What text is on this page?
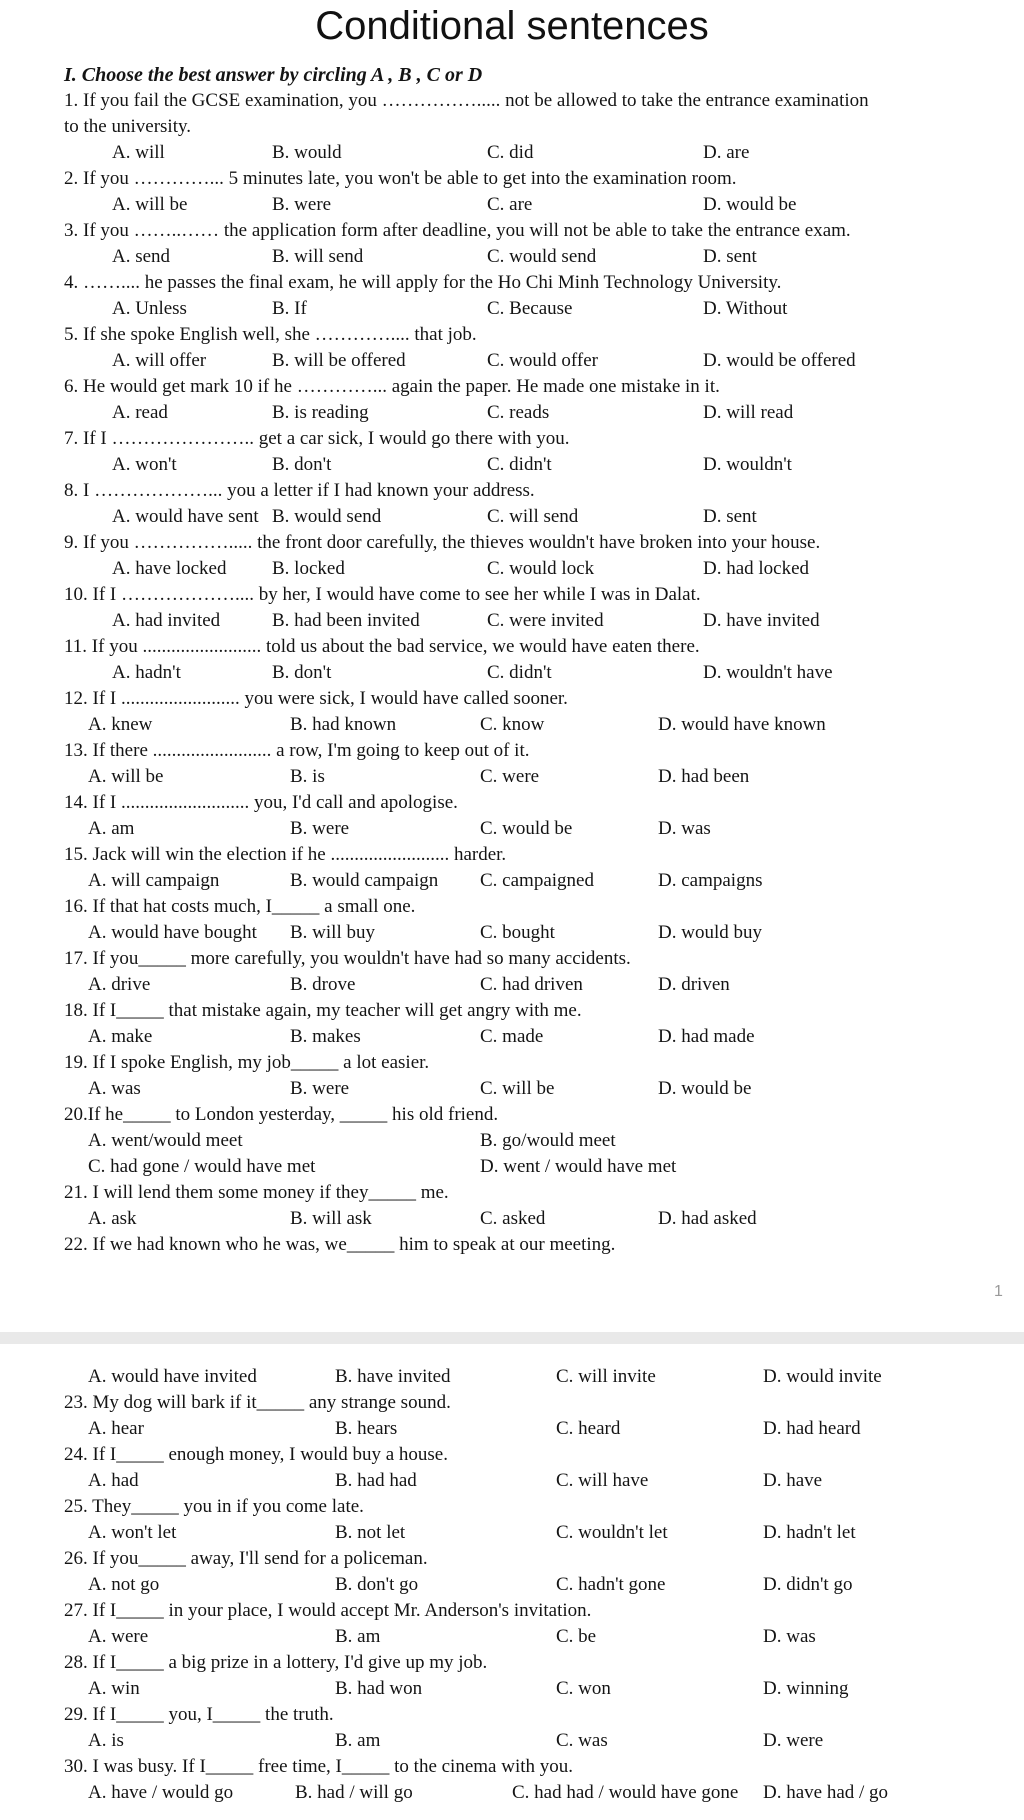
Conditional sentences
I. Choose the best answer by circling A , B , C or D
1. If you fail the GCSE examination, you ……………..... not be allowed to take the entrance examination
to the university.
A. will	B. would	C. did	D. are
2. If you …………... 5 minutes late, you won't be able to get into the examination room.
A. will be	B. were	C. are	D. would be
3. If you ……..…… the application form after deadline, you will not be able to take the entrance exam.
A. send	B. will send	C. would send	D. sent
4. …….... he passes the final exam, he will apply for the Ho Chi Minh Technology University.
A. Unless	B. If	C. Because	D. Without
5. If she spoke English well, she ………….... that job.
A. will offer	B. will be offered	C. would offer	D. would be offered
6. He would get mark 10 if he …………... again the paper. He made one mistake in it.
A. read	B. is reading	C. reads	D. will read
7. If I ………………….. get a car sick, I would go there with you.
A. won't	B. don't	C. didn't	D. wouldn't
8. I ………………... you a letter if I had known your address.
A. would have sent B. would send	C. will send	D. sent
9. If you ……………..... the front door carefully, the thieves wouldn't have broken into your house.
A. have locked B. locked	C. would lock	D. had locked
10. If I ……………….... by her, I would have come to see her while I was in Dalat.
A. had invited	B. had been invited	C. were invited	D. have invited
11. If you ......................... told us about the bad service, we would have eaten there.
A. hadn't	B. don't	C. didn't	D. wouldn't have
12. If I ......................... you were sick, I would have called sooner.
A. knew	B. had known	C. know	D. would have known
13. If there ......................... a row, I'm going to keep out of it.
A. will be	B. is	C. were	D. had been
14. If I ........................... you, I'd call and apologise.
A. am	B. were	C. would be	D. was
15. Jack will win the election if he ......................... harder.
A. will campaign	B. would campaign C. campaigned	D. campaigns
16. If that hat costs much, I_____ a small one.
A. would have bought B. will buy	C. bought	D. would buy
17. If you_____ more carefully, you wouldn't have had so many accidents.
A. drive	B. drove	C. had driven	D. driven
18. If I_____ that mistake again, my teacher will get angry with me.
A. make	B. makes	C. made	D. had made
19. If I spoke English, my job_____ a lot easier.
A. was	B. were	C. will be	D. would be
20.If he_____ to London yesterday, _____ his old friend.
A. went/would meet	B. go/would meet
C. had gone / would have met	D. went / would have met
21. I will lend them some money if they_____ me.
A. ask	B. will ask	C. asked	D. had asked
22. If we had known who he was, we_____ him to speak at our meeting.
1
A. would have invited	B. have invited	C. will invite	D. would invite
23. My dog will bark if it_____ any strange sound.
A. hear	B. hears	C. heard	D. had heard
24. If I_____ enough money, I would buy a house.
A. had	B. had had	C. will have	D. have
25. They_____ you in if you come late.
A. won't let	B. not let	C. wouldn't let	D. hadn't let
26. If you_____ away, I'll send for a policeman.
A. not go	B. don't go	C. hadn't gone	D. didn't go
27. If I_____ in your place, I would accept Mr. Anderson's invitation.
A. were	B. am	C. be	D. was
28. If I_____ a big prize in a lottery, I'd give up my job.
A. win	B. had won	C. won	D. winning
29. If I_____ you, I_____ the truth.
A. is	B. am	C. was	D. were
30. I was busy. If I_____ free time, I_____ to the cinema with you.
A. have / would go	B. had / will go	C. had had / would have gone D. have had / go
